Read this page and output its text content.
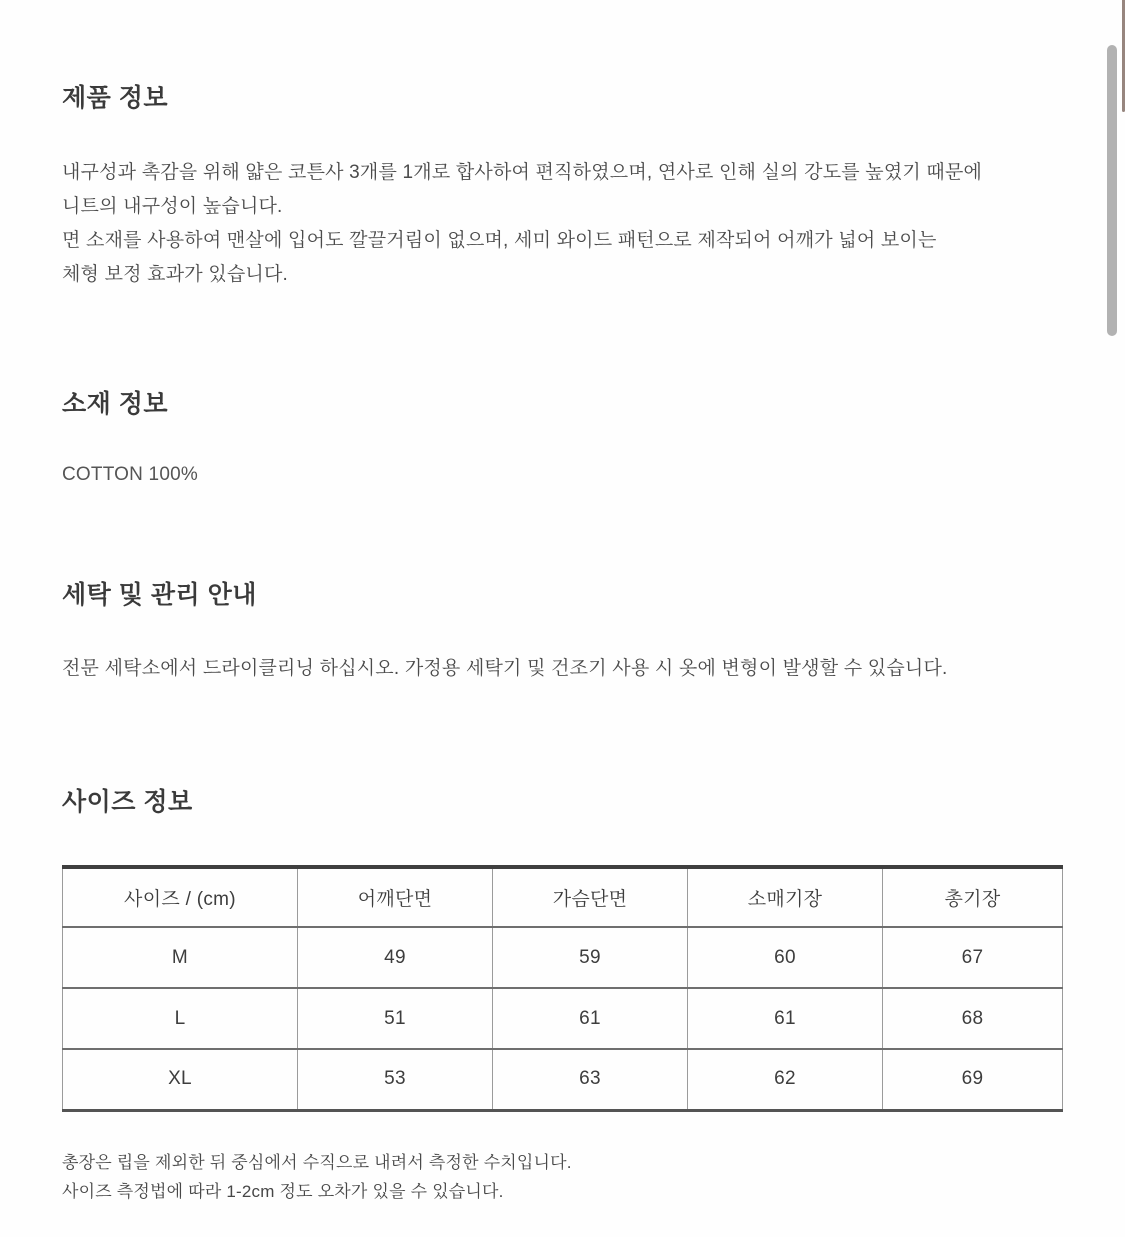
제품 정보
내구성과 촉감을 위해 얇은 코튼사 3개를 1개로 합사하여 편직하였으며, 연사로 인해 실의 강도를 높였기 때문에
니트의 내구성이 높습니다.
면 소재를 사용하여 맨살에 입어도 깔끌거림이 없으며, 세미 와이드 패턴으로 제작되어 어깨가 넓어 보이는
체형 보정 효과가 있습니다.
소재 정보
COTTON 100%
세탁 및 관리 안내
전문 세탁소에서 드라이클리닝 하십시오. 가정용 세탁기 및 건조기 사용 시 옷에 변형이 발생할 수 있습니다.
사이즈 정보
사이즈 / (cm)	어깨단면	가슴단면	소매기장	총기장
M	49	59	60	67
L	51	61	61	68
XL	53	63	62	69
총장은 립을 제외한 뒤 중심에서 수직으로 내려서 측정한 수치입니다.
사이즈 측정법에 따라 1-2cm 정도 오차가 있을 수 있습니다.
